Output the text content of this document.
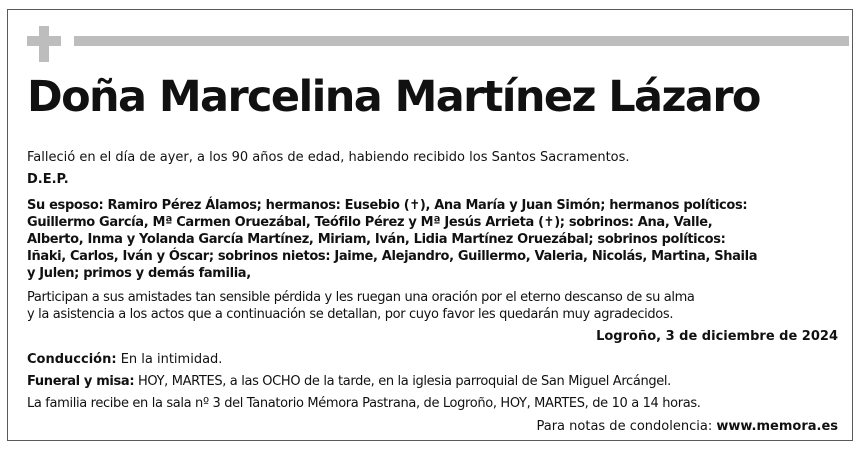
Doña Marcelina Martínez Lázaro

Falleció en el día de ayer, a los 90 años de edad, habiendo recibido los Santos Sacramentos.

D.E.P.

Su esposo: Ramiro Pérez Álamos; hermanos: Eusebio (✝), Ana María y Juan Simón; hermanos políticos:

Guillermo García, Mª Carmen Oruezábal, Teófilo Pérez y Mª Jesús Arrieta (✝); sobrinos: Ana, Valle,

Alberto, Inma y Yolanda García Martínez, Miriam, Iván, Lidia Martínez Oruezábal; sobrinos políticos:

Iñaki, Carlos, Iván y Óscar; sobrinos nietos: Jaime, Alejandro, Guillermo, Valeria, Nicolás, Martina, Shaila

y Julen; primos y demás familia,

Participan a sus amistades tan sensible pérdida y les ruegan una oración por el eterno descanso de su alma

y la asistencia a los actos que a continuación se detallan, por cuyo favor les quedarán muy agradecidos.

Logroño, 3 de diciembre de 2024

Conducción: En la intimidad.

Funeral y misa: HOY, MARTES, a las OCHO de la tarde, en la iglesia parroquial de San Miguel Arcángel.

La familia recibe en la sala nº 3 del Tanatorio Mémora Pastrana, de Logroño, HOY, MARTES, de 10 a 14 horas.

Para notas de condolencia: www.memora.es
